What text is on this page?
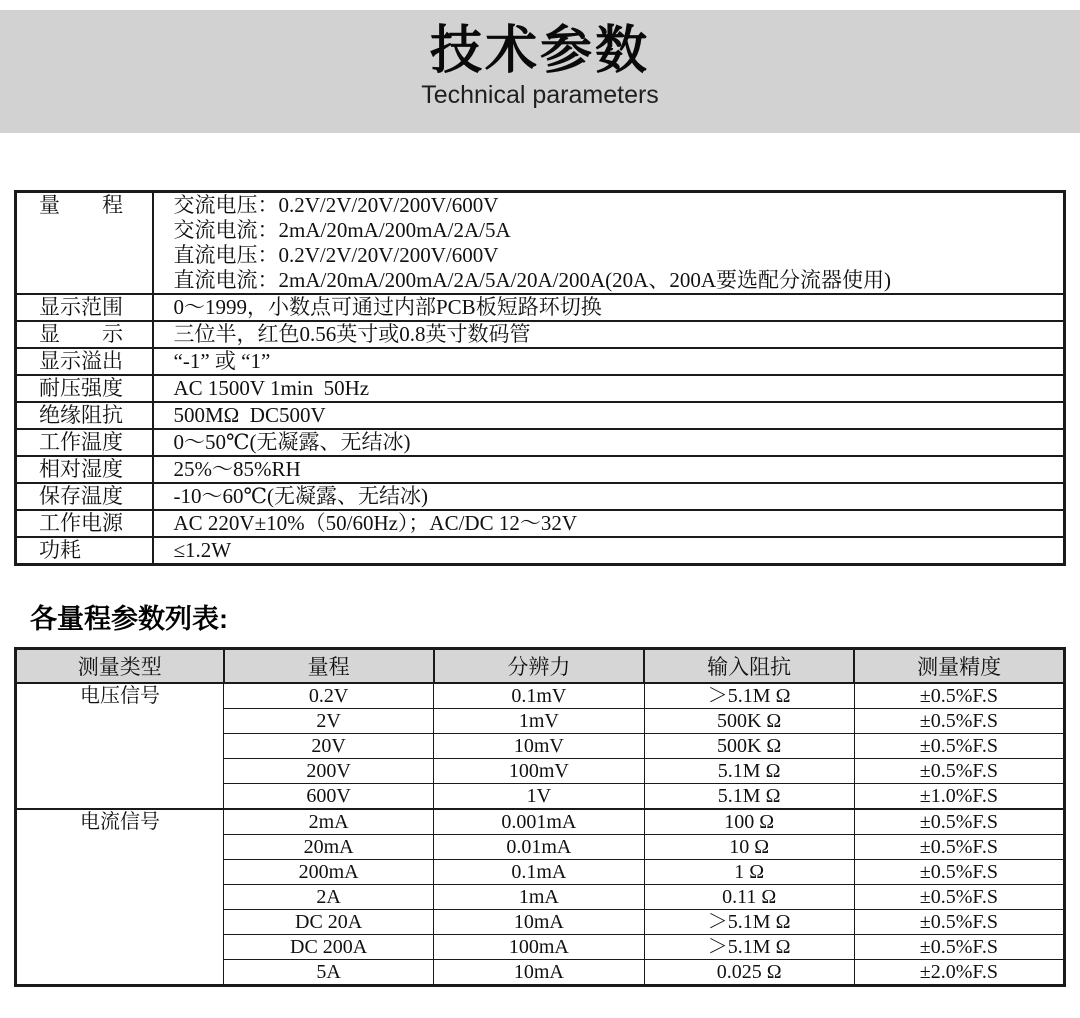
技术参数
Technical parameters
量　　程	交流电压：0.2V/2V/20V/200V/600V
交流电流：2mA/20mA/200mA/2A/5A
直流电压：0.2V/2V/20V/200V/600V
直流电流：2mA/20mA/200mA/2A/5A/20A/200A(20A、200A要选配分流器使用)

显示范围	0～1999，小数点可通过内部PCB板短路环切换

显　　示	三位半，红色0.56英寸或0.8英寸数码管

显示溢出	“-1” 或 “1”

耐压强度	AC 1500V 1min  50Hz

绝缘阻抗	500MΩ  DC500V

工作温度	0～50℃(无凝露、无结冰)

相对湿度	25%～85%RH

保存温度	-10～60℃(无凝露、无结冰)

工作电源	AC 220V±10%（50/60Hz）；AC/DC 12～32V

功耗	≤1.2W
各量程参数列表:
测量类型	量程	分辨力	输入阻抗	测量精度
电压信号	0.2V	0.1mV	＞5.1M Ω	±0.5%F.S
	2V	1mV	500K Ω	±0.5%F.S
	20V	10mV	500K Ω	±0.5%F.S
	200V	100mV	5.1M Ω	±0.5%F.S
	600V	1V	5.1M Ω	±1.0%F.S
电流信号	2mA	0.001mA	100 Ω	±0.5%F.S
	20mA	0.01mA	10 Ω	±0.5%F.S
	200mA	0.1mA	1 Ω	±0.5%F.S
	2A	1mA	0.11 Ω	±0.5%F.S
	DC 20A	10mA	＞5.1M Ω	±0.5%F.S
	DC 200A	100mA	＞5.1M Ω	±0.5%F.S
	5A	10mA	0.025 Ω	±2.0%F.S
